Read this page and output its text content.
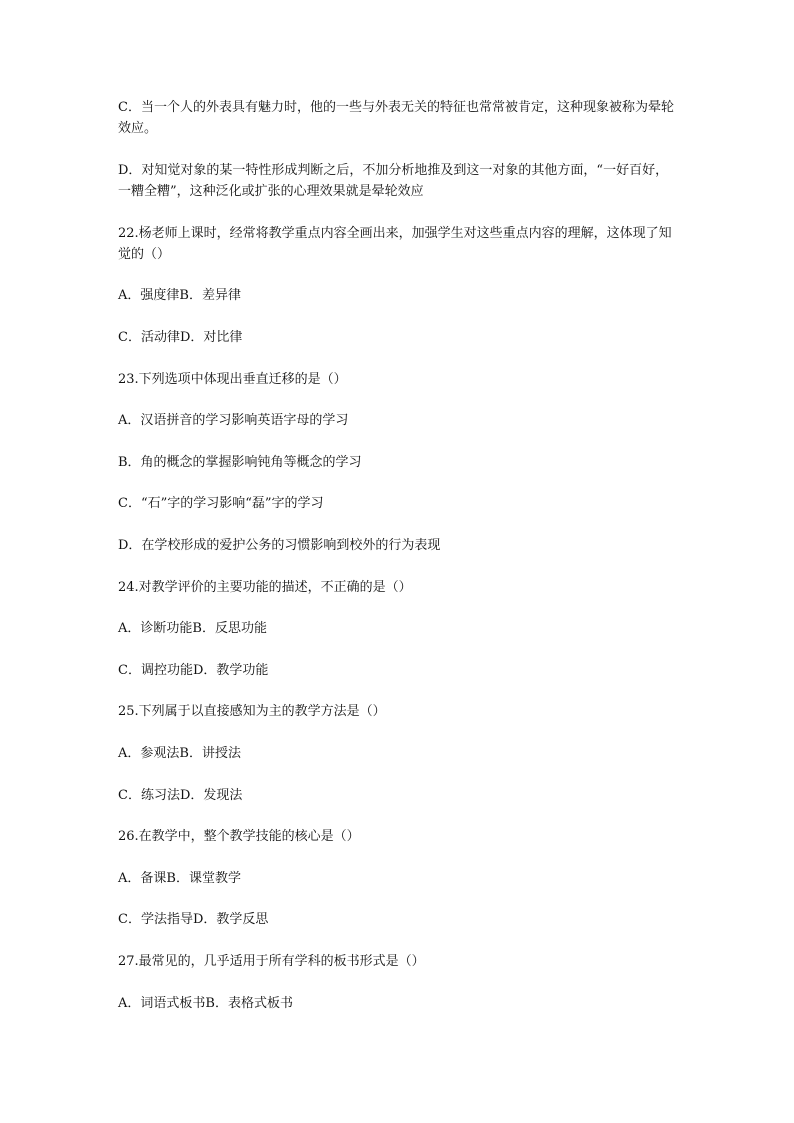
C．当一个人的外表具有魅力时，他的一些与外表无关的特征也常常被肯定，这种现象被称为晕轮效应。

D．对知觉对象的某一特性形成判断之后，不加分析地推及到这一对象的其他方面，“一好百好，一糟全糟”，这种泛化或扩张的心理效果就是晕轮效应

22.杨老师上课时，经常将教学重点内容全画出来，加强学生对这些重点内容的理解，这体现了知觉的（）

A．强度律B．差异律

C．活动律D．对比律

23.下列选项中体现出垂直迁移的是（）

A．汉语拼音的学习影响英语字母的学习

B．角的概念的掌握影响钝角等概念的学习

C．“石”字的学习影响“磊”字的学习

D．在学校形成的爱护公务的习惯影响到校外的行为表现

24.对教学评价的主要功能的描述，不正确的是（）

A．诊断功能B．反思功能

C．调控功能D．教学功能

25.下列属于以直接感知为主的教学方法是（）

A．参观法B．讲授法

C．练习法D．发现法

26.在教学中，整个教学技能的核心是（）

A．备课B．课堂教学

C．学法指导D．教学反思

27.最常见的，几乎适用于所有学科的板书形式是（）

A．词语式板书B．表格式板书
